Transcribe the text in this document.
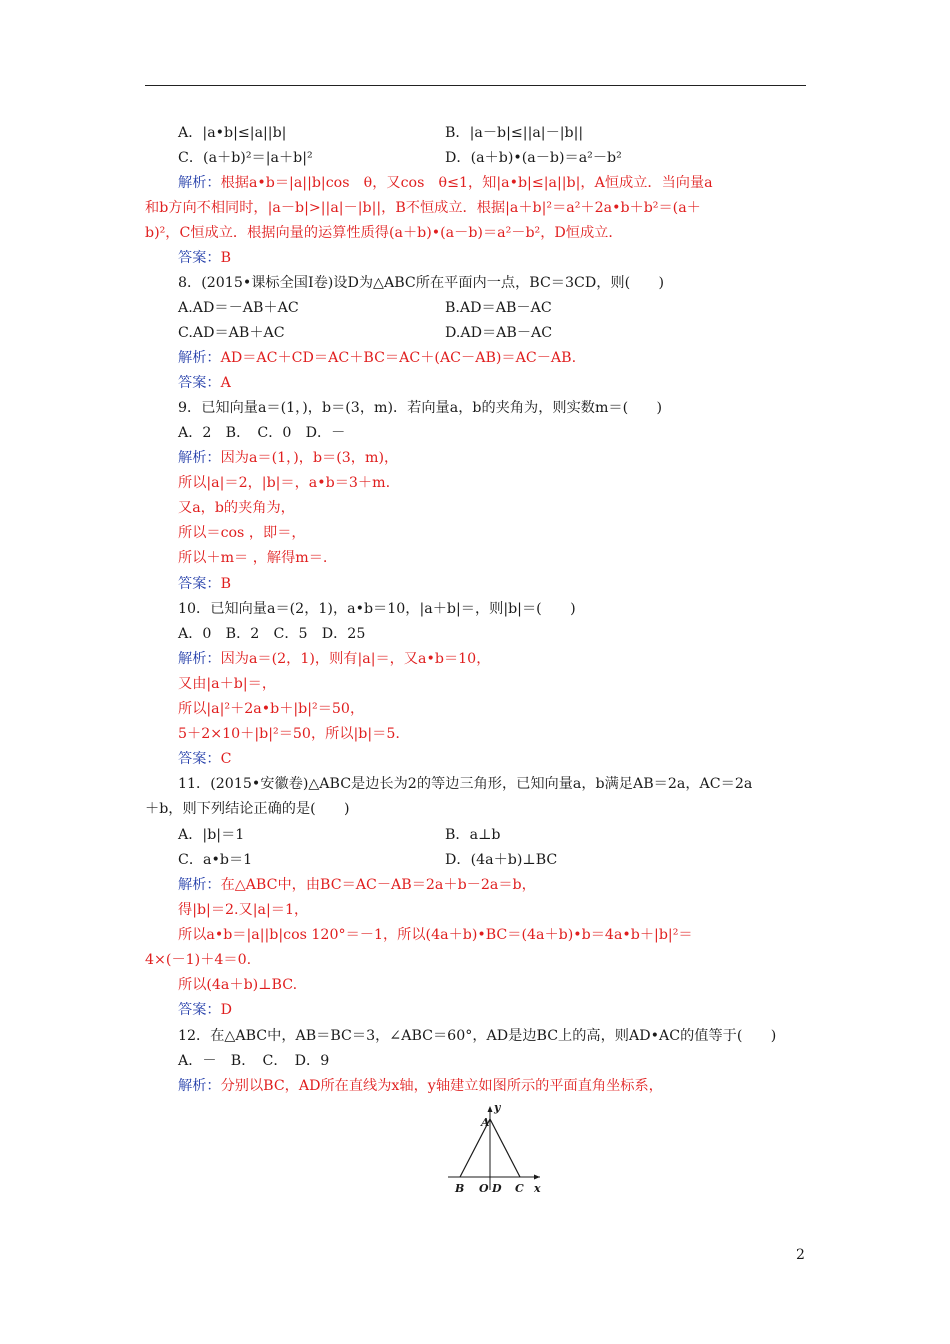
A．|a•b|≤|a||b|	B．|a－b|≤||a|－|b||
C．(a＋b)²＝|a＋b|²	D．(a＋b)•(a－b)＝a²－b²
解析：根据a•b＝|a||b|cos　θ，又cos　θ≤1，知|a•b|≤|a||b|，A恒成立．当向量a
和b方向不相同时，|a－b|>||a|－|b||，B不恒成立．根据|a＋b|²＝a²＋2a•b＋b²＝(a＋
b)²，C恒成立．根据向量的运算性质得(a＋b)•(a－b)＝a²－b²，D恒成立．
答案：B
8．(2015•课标全国Ⅰ卷)设D为△ABC所在平面内一点，BC＝3CD，则(　　)
A.AD＝－AB＋AC	B.AD＝AB－AC
C.AD＝AB＋AC	D.AD＝AB－AC
解析：AD＝AC＋CD＝AC＋BC＝AC＋(AC－AB)＝AC－AB.
答案：A
9．已知向量a＝(1，)，b＝(3，m)．若向量a，b的夹角为，则实数m＝(　　)
A．2　B．　C．0　D．－
解析：因为a＝(1，)，b＝(3，m)，
所以|a|＝2，|b|＝，a•b＝3＋m.
又a，b的夹角为，
所以＝cos ，即＝，
所以＋m＝ ，解得m＝.
答案：B
10．已知向量a＝(2，1)，a•b＝10，|a＋b|＝，则|b|＝(　　)
A．0　B．2　C．5　D．25
解析：因为a＝(2，1)，则有|a|＝，又a•b＝10，
又由|a＋b|＝，
所以|a|²＋2a•b＋|b|²＝50，
5＋2×10＋|b|²＝50，所以|b|＝5.
答案：C
11．(2015•安徽卷)△ABC是边长为2的等边三角形，已知向量a，b满足AB＝2a，AC＝2a
＋b，则下列结论正确的是(　　)
A．|b|＝1	B．a⊥b
C．a•b＝1	D．(4a＋b)⊥BC
解析：在△ABC中，由BC＝AC－AB＝2a＋b－2a＝b，
得|b|＝2.又|a|＝1，
所以a•b＝|a||b|cos 120°＝－1，所以(4a＋b)•BC＝(4a＋b)•b＝4a•b＋|b|²＝
4×(－1)＋4＝0.
所以(4a＋b)⊥BC.
答案：D
12．在△ABC中，AB＝BC＝3，∠ABC＝60°，AD是边BC上的高，则AD•AC的值等于(　　)
A．－　B．　C．　D．9
解析：分别以BC，AD所在直线为x轴，y轴建立如图所示的平面直角坐标系，
y
A
B O D C x
2
